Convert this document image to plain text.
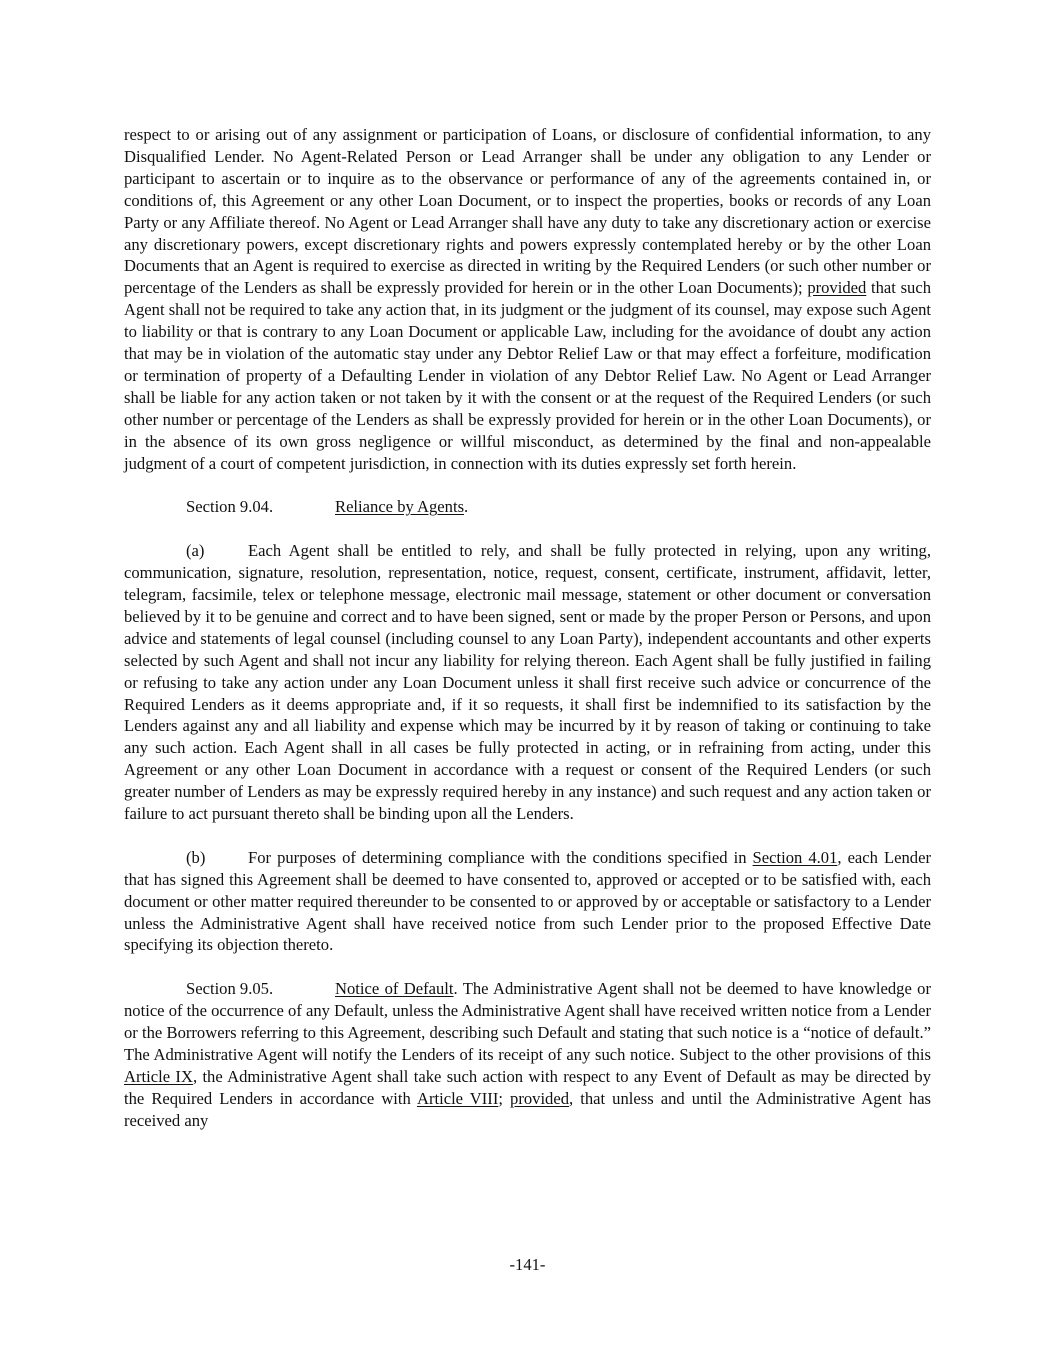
respect to or arising out of any assignment or participation of Loans, or disclosure of confidential information, to any Disqualified Lender. No Agent-Related Person or Lead Arranger shall be under any obligation to any Lender or participant to ascertain or to inquire as to the observance or performance of any of the agreements contained in, or conditions of, this Agreement or any other Loan Document, or to inspect the properties, books or records of any Loan Party or any Affiliate thereof. No Agent or Lead Arranger shall have any duty to take any discretionary action or exercise any discretionary powers, except discretionary rights and powers expressly contemplated hereby or by the other Loan Documents that an Agent is required to exercise as directed in writing by the Required Lenders (or such other number or percentage of the Lenders as shall be expressly provided for herein or in the other Loan Documents); provided that such Agent shall not be required to take any action that, in its judgment or the judgment of its counsel, may expose such Agent to liability or that is contrary to any Loan Document or applicable Law, including for the avoidance of doubt any action that may be in violation of the automatic stay under any Debtor Relief Law or that may effect a forfeiture, modification or termination of property of a Defaulting Lender in violation of any Debtor Relief Law. No Agent or Lead Arranger shall be liable for any action taken or not taken by it with the consent or at the request of the Required Lenders (or such other number or percentage of the Lenders as shall be expressly provided for herein or in the other Loan Documents), or in the absence of its own gross negligence or willful misconduct, as determined by the final and non-appealable judgment of a court of competent jurisdiction, in connection with its duties expressly set forth herein.

Section 9.04.	Reliance by Agents.

(a)	Each Agent shall be entitled to rely, and shall be fully protected in relying, upon any writing, communication, signature, resolution, representation, notice, request, consent, certificate, instrument, affidavit, letter, telegram, facsimile, telex or telephone message, electronic mail message, statement or other document or conversation believed by it to be genuine and correct and to have been signed, sent or made by the proper Person or Persons, and upon advice and statements of legal counsel (including counsel to any Loan Party), independent accountants and other experts selected by such Agent and shall not incur any liability for relying thereon. Each Agent shall be fully justified in failing or refusing to take any action under any Loan Document unless it shall first receive such advice or concurrence of the Required Lenders as it deems appropriate and, if it so requests, it shall first be indemnified to its satisfaction by the Lenders against any and all liability and expense which may be incurred by it by reason of taking or continuing to take any such action. Each Agent shall in all cases be fully protected in acting, or in refraining from acting, under this Agreement or any other Loan Document in accordance with a request or consent of the Required Lenders (or such greater number of Lenders as may be expressly required hereby in any instance) and such request and any action taken or failure to act pursuant thereto shall be binding upon all the Lenders.

(b)	For purposes of determining compliance with the conditions specified in Section 4.01, each Lender that has signed this Agreement shall be deemed to have consented to, approved or accepted or to be satisfied with, each document or other matter required thereunder to be consented to or approved by or acceptable or satisfactory to a Lender unless the Administrative Agent shall have received notice from such Lender prior to the proposed Effective Date specifying its objection thereto.

Section 9.05.	Notice of Default. The Administrative Agent shall not be deemed to have knowledge or notice of the occurrence of any Default, unless the Administrative Agent shall have received written notice from a Lender or the Borrowers referring to this Agreement, describing such Default and stating that such notice is a “notice of default.” The Administrative Agent will notify the Lenders of its receipt of any such notice. Subject to the other provisions of this Article IX, the Administrative Agent shall take such action with respect to any Event of Default as may be directed by the Required Lenders in accordance with Article VIII; provided, that unless and until the Administrative Agent has received any

-141-
